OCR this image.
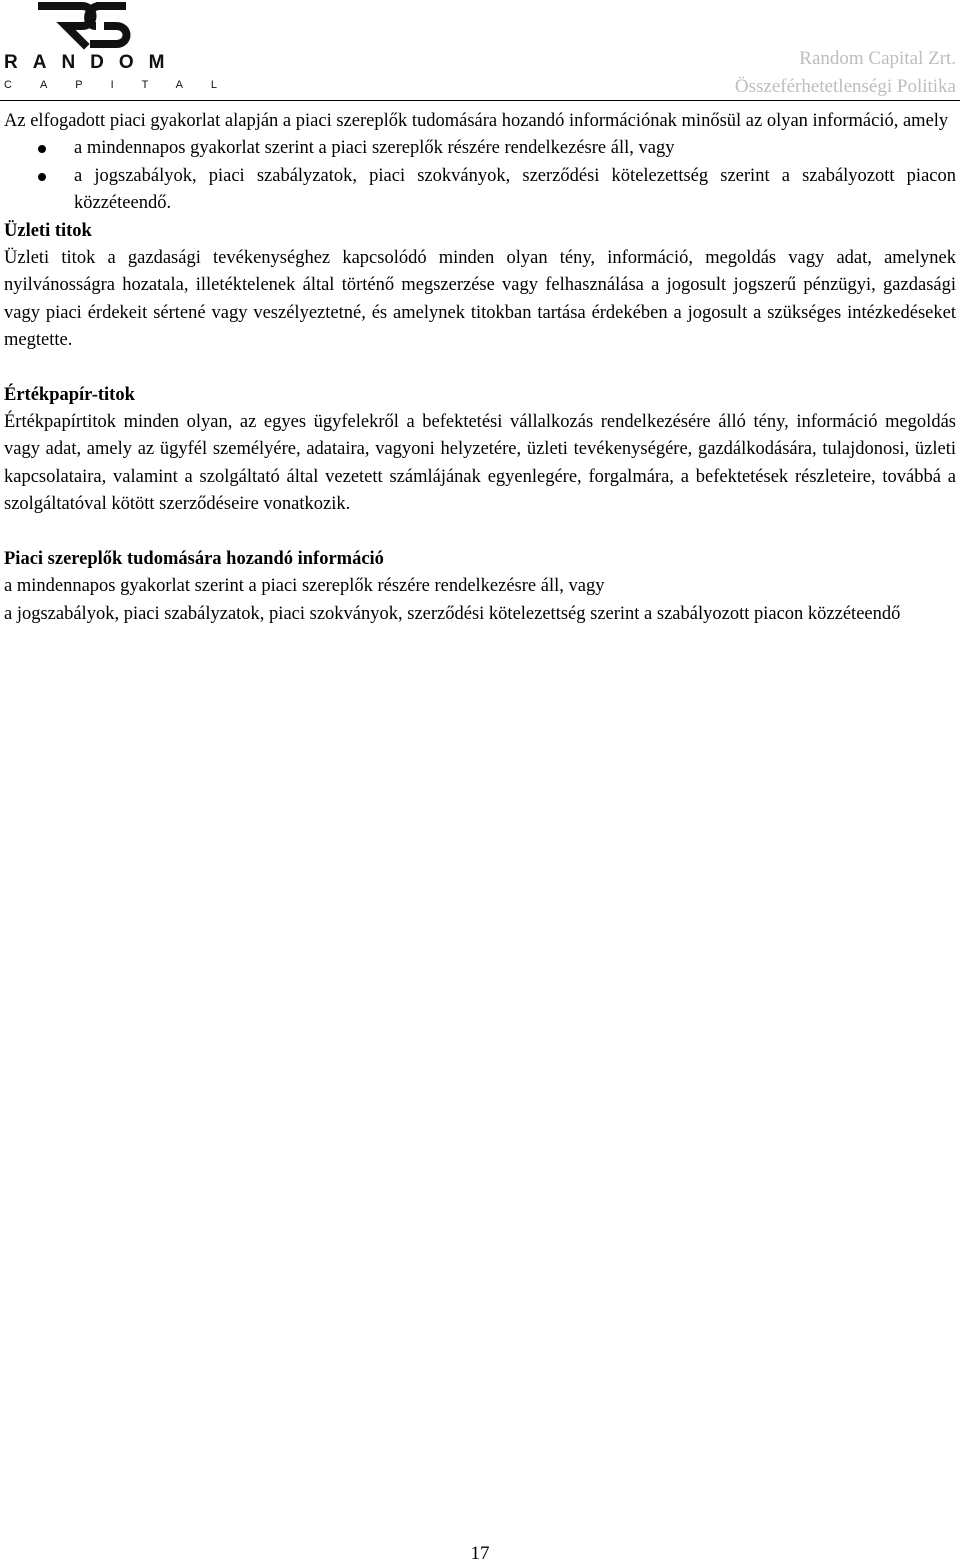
RANDOM
CAPITAL
Random Capital Zrt.
Összeférhetetlenségi Politika

Az elfogadott piaci gyakorlat alapján a piaci szereplők tudomására hozandó információnak minősül az olyan információ, amely

a mindennapos gyakorlat szerint a piaci szereplők részére rendelkezésre áll, vagy
a jogszabályok, piaci szabályzatok, piaci szokványok, szerződési kötelezettség szerint a szabályozott piacon közzéteendő.

Üzleti titok

Üzleti titok a gazdasági tevékenységhez kapcsolódó minden olyan tény, információ, megoldás vagy adat, amelynek nyilvánosságra hozatala, illetéktelenek által történő megszerzése vagy felhasználása a jogosult jogszerű pénzügyi, gazdasági vagy piaci érdekeit sértené vagy veszélyeztetné, és amelynek titokban tartása érdekében a jogosult a szükséges intézkedéseket megtette.

Értékpapír-titok

Értékpapírtitok minden olyan, az egyes ügyfelekről a befektetési vállalkozás rendelkezésére álló tény, információ megoldás vagy adat, amely az ügyfél személyére, adataira, vagyoni helyzetére, üzleti tevékenységére, gazdálkodására, tulajdonosi, üzleti kapcsolataira, valamint a szolgáltató által vezetett számlájának egyenlegére, forgalmára, a befektetések részleteire, továbbá a szolgáltatóval kötött szerződéseire vonatkozik.

Piaci szereplők tudomására hozandó információ

a mindennapos gyakorlat szerint a piaci szereplők részére rendelkezésre áll, vagy

a jogszabályok, piaci szabályzatok, piaci szokványok, szerződési kötelezettség szerint a szabályozott piacon közzéteendő

17
